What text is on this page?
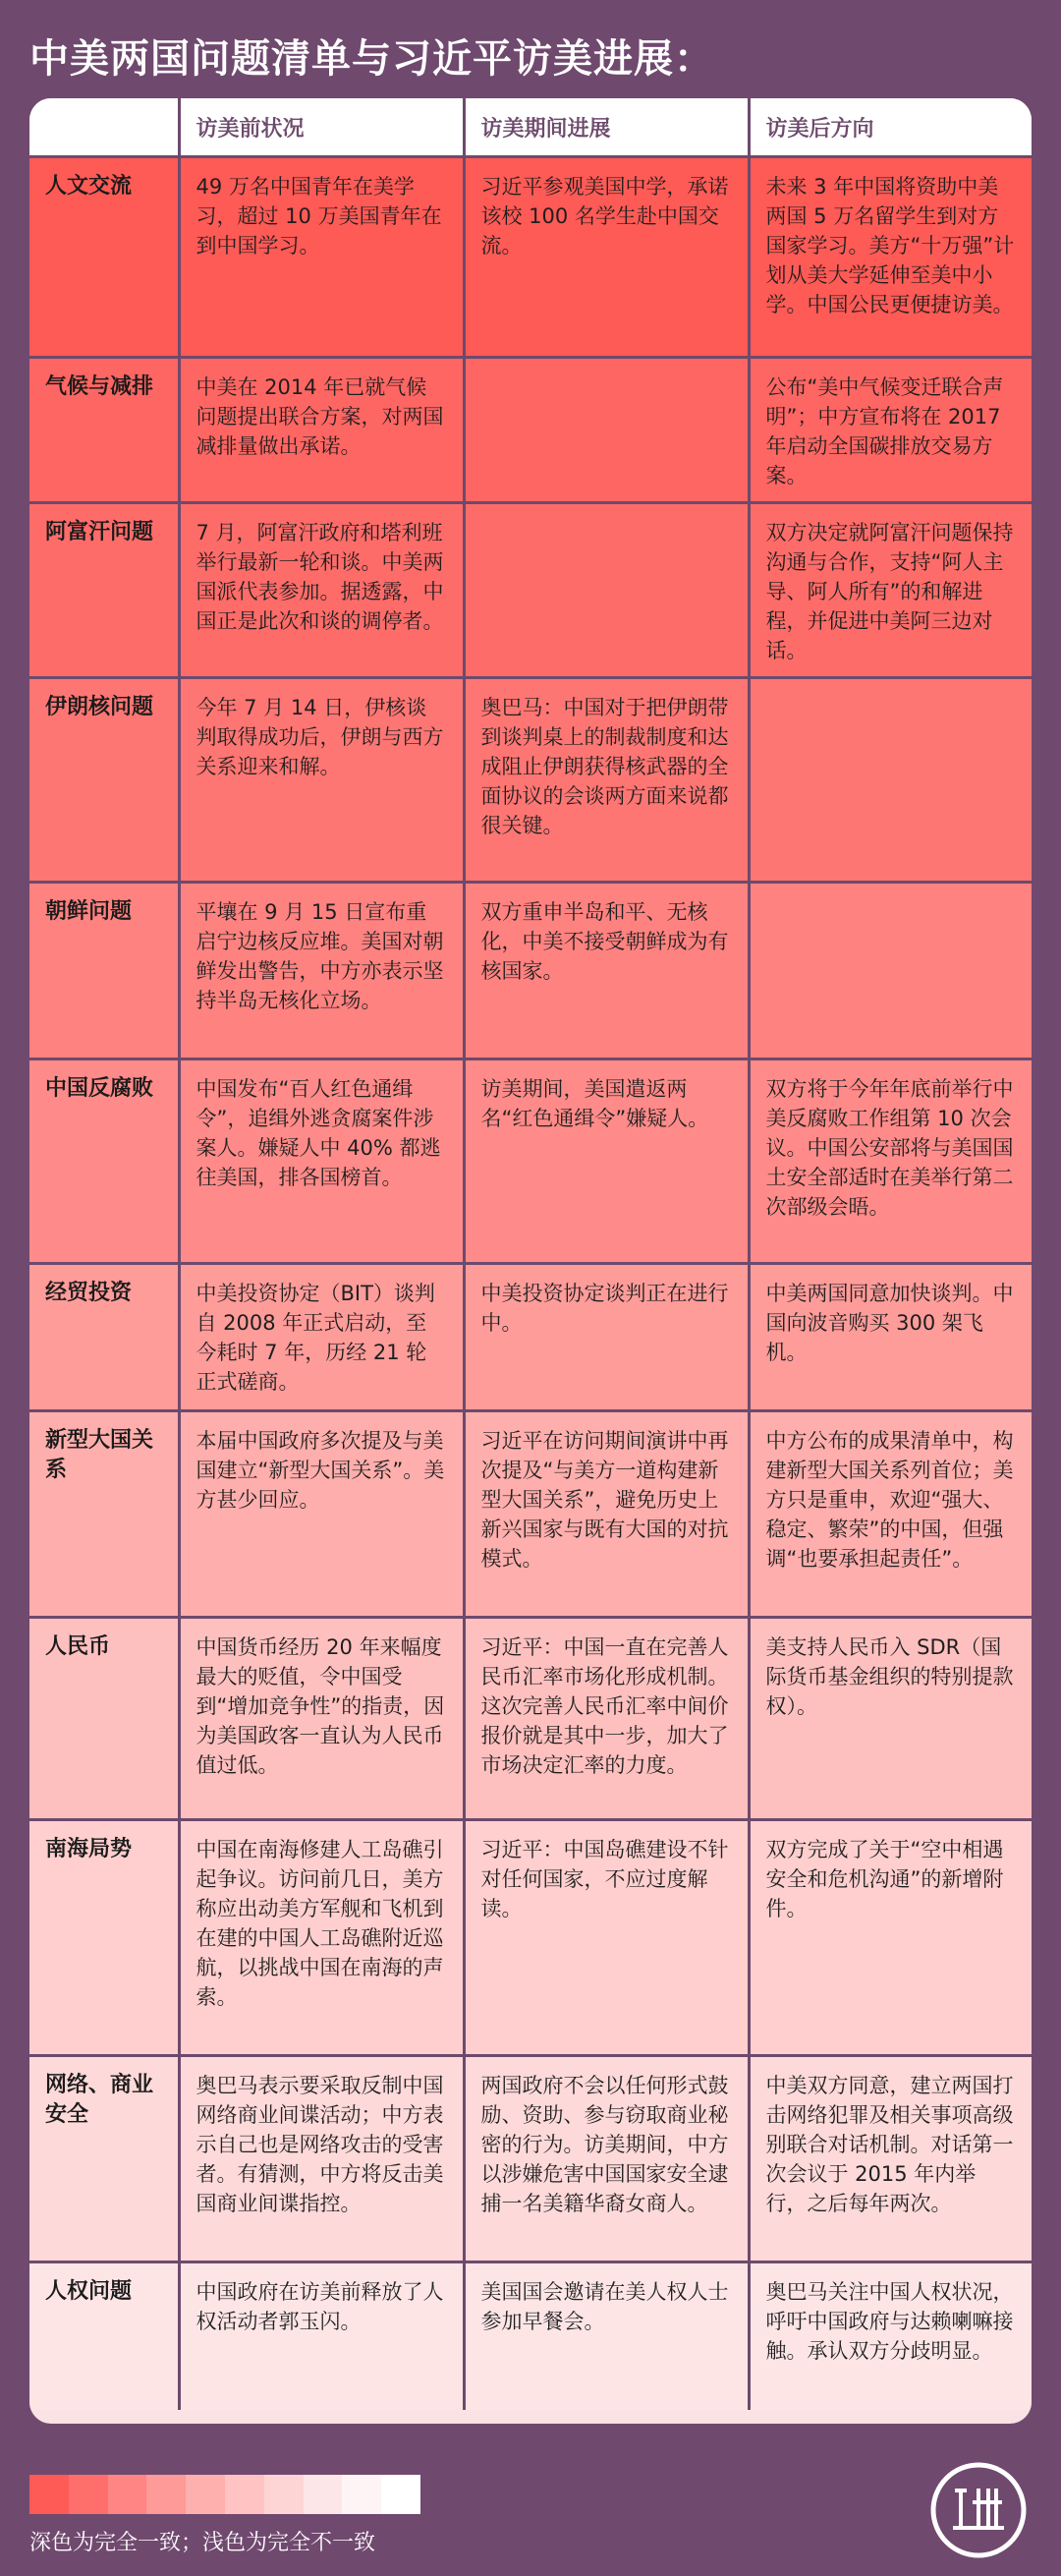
中美两国问题清单与习近平访美进展：
	访美前状况	访美期间进展	访美后方向
人文交流	49 万名中国青年在美学习，超过 10 万美国青年在到中国学习。	习近平参观美国中学，承诺该校 100 名学生赴中国交流。	未来 3 年中国将资助中美两国 5 万名留学生到对方国家学习。美方“十万强”计划从美大学延伸至美中小学。中国公民更便捷访美。
气候与减排	中美在 2014 年已就气候问题提出联合方案，对两国减排量做出承诺。		公布“美中气候变迁联合声明”；中方宣布将在 2017 年启动全国碳排放交易方案。
阿富汗问题	7 月，阿富汗政府和塔利班举行最新一轮和谈。中美两国派代表参加。据透露，中国正是此次和谈的调停者。		双方决定就阿富汗问题保持沟通与合作，支持“阿人主导、阿人所有”的和解进程，并促进中美阿三边对话。
伊朗核问题	今年 7 月 14 日，伊核谈判取得成功后，伊朗与西方关系迎来和解。	奥巴马：中国对于把伊朗带到谈判桌上的制裁制度和达成阻止伊朗获得核武器的全面协议的会谈两方面来说都很关键。	
朝鲜问题	平壤在 9 月 15 日宣布重启宁边核反应堆。美国对朝鲜发出警告，中方亦表示坚持半岛无核化立场。	双方重申半岛和平、无核化，中美不接受朝鲜成为有核国家。	
中国反腐败	中国发布“百人红色通缉令”，追缉外逃贪腐案件涉案人。嫌疑人中 40% 都逃往美国，排各国榜首。	访美期间，美国遣返两名“红色通缉令”嫌疑人。	双方将于今年年底前举行中美反腐败工作组第 10 次会议。中国公安部将与美国国土安全部适时在美举行第二次部级会晤。
经贸投资	中美投资协定（BIT）谈判自 2008 年正式启动，至今耗时 7 年，历经 21 轮正式磋商。	中美投资协定谈判正在进行中。	中美两国同意加快谈判。中国向波音购买 300 架飞机。
新型大国关系	本届中国政府多次提及与美国建立“新型大国关系”。美方甚少回应。	习近平在访问期间演讲中再次提及“与美方一道构建新型大国关系”，避免历史上新兴国家与既有大国的对抗模式。	中方公布的成果清单中，构建新型大国关系列首位；美方只是重申，欢迎“强大、稳定、繁荣”的中国，但强调“也要承担起责任”。
人民币	中国货币经历 20 年来幅度最大的贬值，令中国受到“增加竞争性”的指责，因为美国政客一直认为人民币值过低。	习近平：中国一直在完善人民币汇率市场化形成机制。这次完善人民币汇率中间价报价就是其中一步，加大了市场决定汇率的力度。	美支持人民币入 SDR（国际货币基金组织的特别提款权）。
南海局势	中国在南海修建人工岛礁引起争议。访问前几日，美方称应出动美方军舰和飞机到在建的中国人工岛礁附近巡航，以挑战中国在南海的声索。	习近平：中国岛礁建设不针对任何国家，不应过度解读。	双方完成了关于“空中相遇安全和危机沟通”的新增附件。
网络、商业安全	奥巴马表示要采取反制中国网络商业间谍活动；中方表示自己也是网络攻击的受害者。有猜测，中方将反击美国商业间谍指控。	两国政府不会以任何形式鼓励、资助、参与窃取商业秘密的行为。访美期间，中方以涉嫌危害中国国家安全逮捕一名美籍华裔女商人。	中美双方同意，建立两国打击网络犯罪及相关事项高级别联合对话机制。对话第一次会议于 2015 年内举行，之后每年两次。
人权问题	中国政府在访美前释放了人权活动者郭玉闪。	美国国会邀请在美人权人士参加早餐会。	奥巴马关注中国人权状况，呼吁中国政府与达赖喇嘛接触。承认双方分歧明显。
深色为完全一致；浅色为完全不一致
